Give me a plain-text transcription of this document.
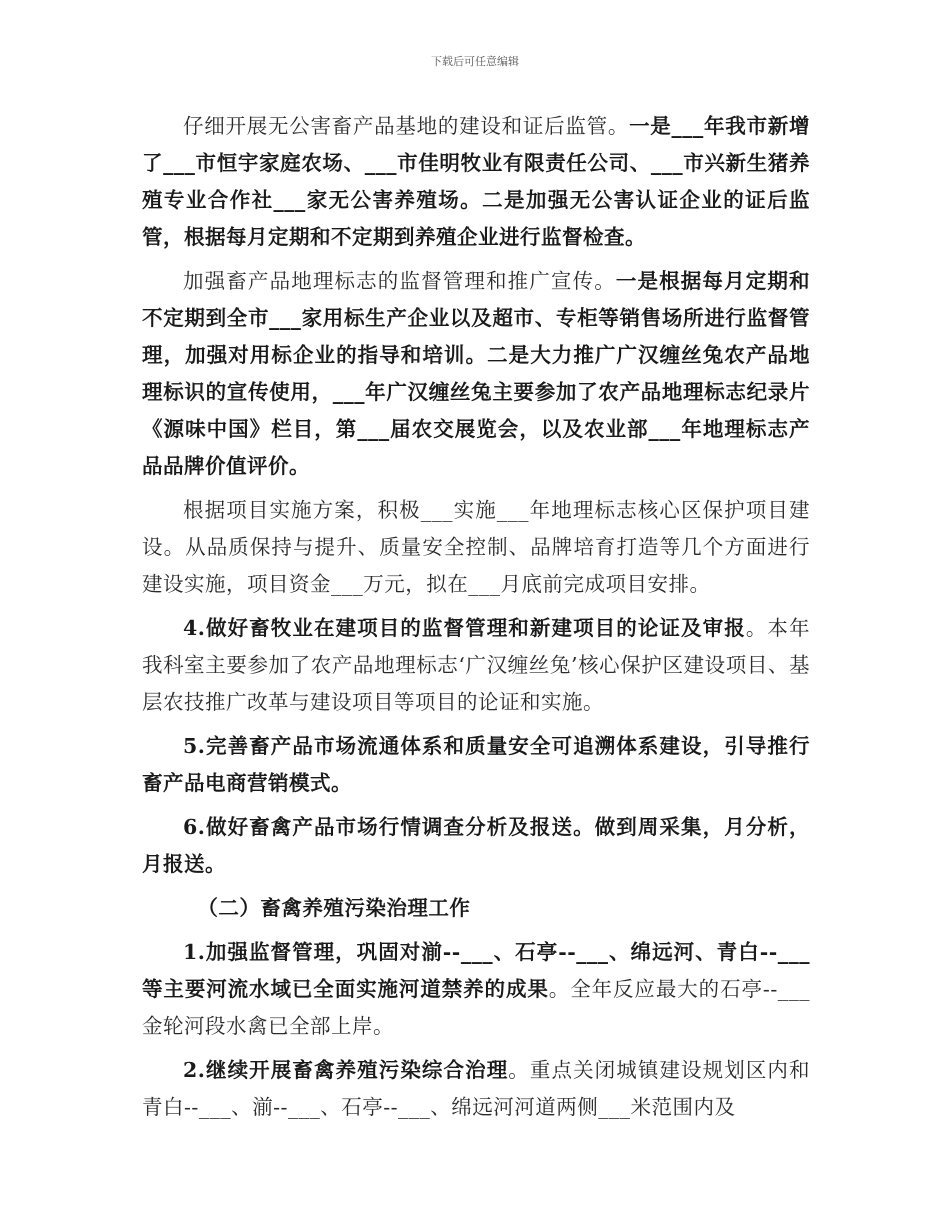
下载后可任意编辑

仔细开展无公害畜产品基地的建设和证后监管。一是___年我市新增了___市恒宇家庭农场、___市佳明牧业有限责任公司、___市兴新生猪养殖专业合作社___家无公害养殖场。二是加强无公害认证企业的证后监管，根据每月定期和不定期到养殖企业进行监督检查。

加强畜产品地理标志的监督管理和推广宣传。一是根据每月定期和不定期到全市___家用标生产企业以及超市、专柜等销售场所进行监督管理，加强对用标企业的指导和培训。二是大力推广广汉缠丝兔农产品地理标识的宣传使用，___年广汉缠丝兔主要参加了农产品地理标志纪录片《源味中国》栏目，第___届农交展览会，以及农业部___年地理标志产品品牌价值评价。

根据项目实施方案，积极___实施___年地理标志核心区保护项目建设。从品质保持与提升、质量安全控制、品牌培育打造等几个方面进行建设实施，项目资金___万元，拟在___月底前完成项目安排。

4.做好畜牧业在建项目的监督管理和新建项目的论证及审报。本年我科室主要参加了农产品地理标志‘广汉缠丝兔’核心保护区建设项目、基层农技推广改革与建设项目等项目的论证和实施。

5.完善畜产品市场流通体系和质量安全可追溯体系建设，引导推行畜产品电商营销模式。

6.做好畜禽产品市场行情调查分析及报送。做到周采集，月分析，月报送。

（二）畜禽养殖污染治理工作

1.加强监督管理，巩固对湔--___、石亭--___、绵远河、青白--___等主要河流水域已全面实施河道禁养的成果。全年反应最大的石亭--___金轮河段水禽已全部上岸。

2.继续开展畜禽养殖污染综合治理。重点关闭城镇建设规划区内和青白--___、湔--___、石亭--___、绵远河河道两侧___米范围内及
